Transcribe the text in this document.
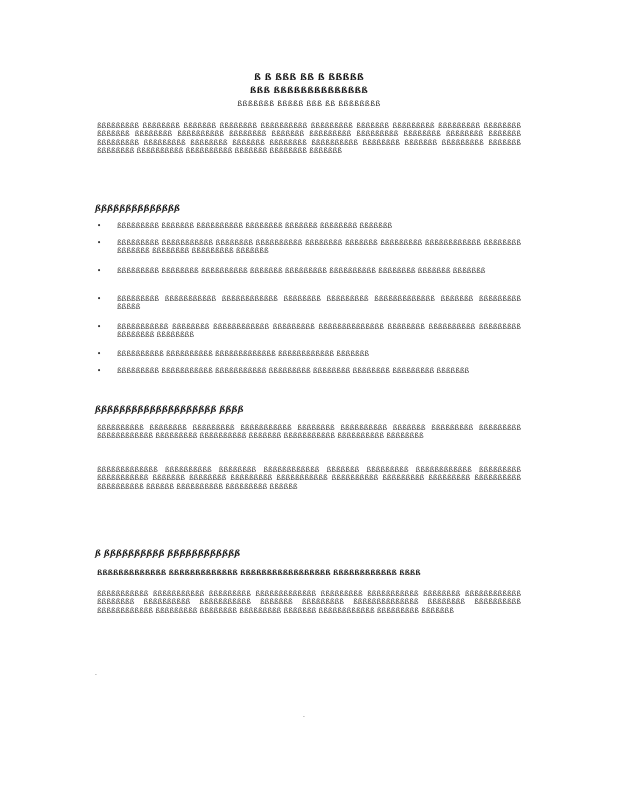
ß ß ßßß ßß ß ßßßßß
ßßß ßßßßßßßßßßßßßß
ßßßßßßß ßßßßß ßßß ßß ßßßßßßßß
ßßßßßßßßß ßßßßßßßß ßßßßßßß ßßßßßßßß ßßßßßßßßßß ßßßßßßßßß ßßßßßßß ßßßßßßßßß ßßßßßßßßß ßßßßßßßß ßßßßßßß ßßßßßßßß ßßßßßßßßßß ßßßßßßßß ßßßßßßß ßßßßßßßßß ßßßßßßßßß ßßßßßßßß ßßßßßßßß ßßßßßßß ßßßßßßßßß ßßßßßßßßß ßßßßßßßß ßßßßßßß ßßßßßßßß ßßßßßßßßßß ßßßßßßßß ßßßßßßß ßßßßßßßßß ßßßßßßß ßßßßßßßß ßßßßßßßßßß ßßßßßßßßßß ßßßßßßß ßßßßßßßß ßßßßßßß
ßßßßßßßßßßßßßß
•	ßßßßßßßßß ßßßßßßß ßßßßßßßßßß ßßßßßßßß ßßßßßßß ßßßßßßßß ßßßßßßß
•	ßßßßßßßßß ßßßßßßßßßßß ßßßßßßßß ßßßßßßßßßß ßßßßßßßß ßßßßßßß ßßßßßßßßß ßßßßßßßßßßßß ßßßßßßßß ßßßßßßß ßßßßßßßß ßßßßßßßßß ßßßßßßß
•	ßßßßßßßßß ßßßßßßßß ßßßßßßßßßß ßßßßßßß ßßßßßßßßß ßßßßßßßßßß ßßßßßßßß ßßßßßßß ßßßßßßß
•	ßßßßßßßßß ßßßßßßßßßßß ßßßßßßßßßßßß ßßßßßßßß ßßßßßßßßß ßßßßßßßßßßßßß ßßßßßßß ßßßßßßßßß ßßßßß
•	ßßßßßßßßßßß ßßßßßßßß ßßßßßßßßßßßß ßßßßßßßßß ßßßßßßßßßßßßßß ßßßßßßßß ßßßßßßßßßß ßßßßßßßßß ßßßßßßßß ßßßßßßßß
•	ßßßßßßßßßß ßßßßßßßßßß ßßßßßßßßßßßßß ßßßßßßßßßßßß ßßßßßßß
•	ßßßßßßßßß ßßßßßßßßßßß ßßßßßßßßßßß ßßßßßßßßß ßßßßßßßß ßßßßßßßß ßßßßßßßßß ßßßßßßß
ßßßßßßßßßßßßßßßßßßßß ßßßß
ßßßßßßßßßß ßßßßßßßß ßßßßßßßßß ßßßßßßßßßßß ßßßßßßßß ßßßßßßßßßß ßßßßßßß ßßßßßßßßß ßßßßßßßßß ßßßßßßßßßßßß ßßßßßßßßß ßßßßßßßßßß ßßßßßßß ßßßßßßßßßßß ßßßßßßßßßß ßßßßßßßß
ßßßßßßßßßßßßß ßßßßßßßßßß ßßßßßßßß ßßßßßßßßßßßß ßßßßßßß ßßßßßßßßß ßßßßßßßßßßßß ßßßßßßßßß ßßßßßßßßßßß ßßßßßßß ßßßßßßßß ßßßßßßßßß ßßßßßßßßßßß ßßßßßßßßßß ßßßßßßßßß ßßßßßßßßß ßßßßßßßßßß ßßßßßßßßßß ßßßßßß ßßßßßßßßßß ßßßßßßßßß ßßßßßß
ß ßßßßßßßßßß ßßßßßßßßßßßß
ßßßßßßßßßßßßß ßßßßßßßßßßßßß ßßßßßßßßßßßßßßßßß ßßßßßßßßßßßß ßßßß
ßßßßßßßßßßß ßßßßßßßßßßß ßßßßßßßßß ßßßßßßßßßßßßß ßßßßßßßßß ßßßßßßßßßßß ßßßßßßßß ßßßßßßßßßßßß ßßßßßßßß ßßßßßßßßßß ßßßßßßßßßßß ßßßßßßß ßßßßßßßßß ßßßßßßßßßßßßßß ßßßßßßßß ßßßßßßßßßß ßßßßßßßßßßßß ßßßßßßßßß ßßßßßßßß ßßßßßßßßß ßßßßßßß ßßßßßßßßßßßß ßßßßßßßßß ßßßßßßß
·
·
